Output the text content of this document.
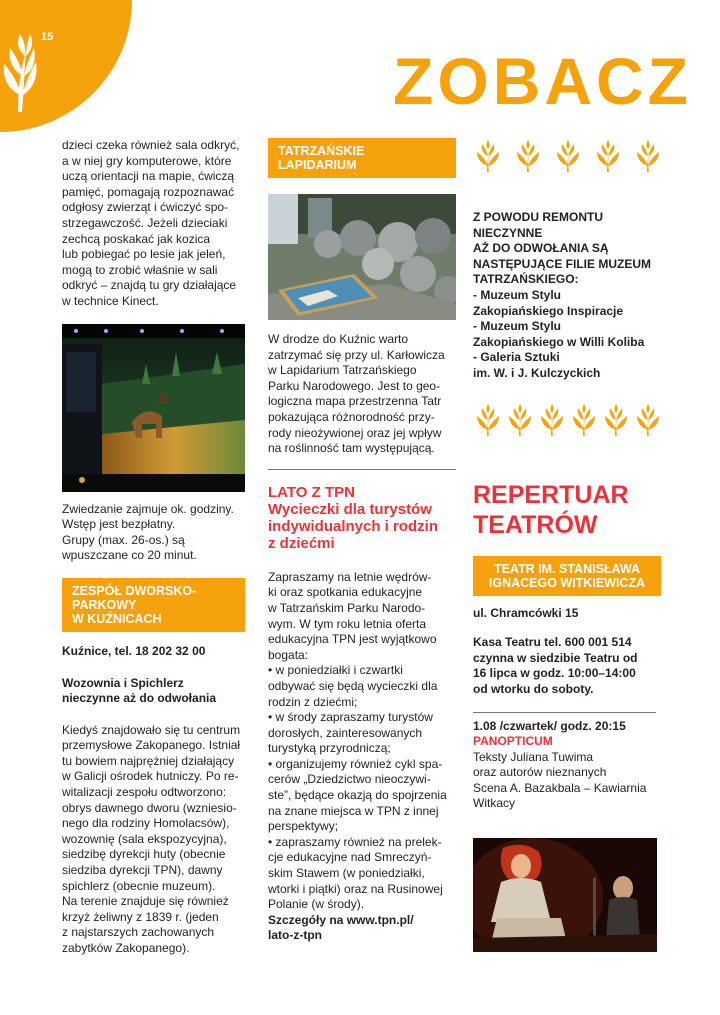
15
ZOBACZ
dzieci czeka również sala odkryć,
a w niej gry komputerowe, które
uczą orientacji na mapie, ćwiczą
pamięć, pomagają rozpoznawać
odgłosy zwierząt i ćwiczyć spo-
strzegawczość. Jeżeli dzieciaki
zechcą poskakać jak kozica
lub pobiegać po lesie jak jeleń,
mogą to zrobić właśnie w sali
odkryć – znajdą tu gry działające
w technice Kinect.
Zwiedzanie zajmuje ok. godziny.
Wstęp jest bezpłatny.
Grupy (max. 26-os.) są
wpuszczane co 20 minut.
ZESPÓŁ DWORSKO-
PARKOWY
W KUŹNICACH
Kuźnice, tel. 18 202 32 00
Wozownia i Spichlerz
nieczynne aż do odwołania
Kiedyś znajdowało się tu centrum
przemysłowe Zakopanego. Istniał
tu bowiem najprężniej działający
w Galicji ośrodek hutniczy. Po re-
witalizacji zespołu odtworzono:
obrys dawnego dworu (wzniesio-
nego dla rodziny Homolacsów),
wozownię (sala ekspozycyjna),
siedzibę dyrekcji huty (obecnie
siedziba dyrekcji TPN), dawny
spichlerz (obecnie muzeum).
Na terenie znajduje się również
krzyż żeliwny z 1839 r. (jeden
z najstarszych zachowanych
zabytków Zakopanego).
TATRZAŃSKIE
LAPIDARIUM
W drodze do Kuźnic warto
zatrzymać się przy ul. Karłowicza
w Lapidarium Tatrzańskiego
Parku Narodowego. Jest to geo-
logiczna mapa przestrzenna Tatr
pokazująca różnorodność przy-
rody nieożywionej oraz jej wpływ
na roślinność tam występującą.
LATO Z TPN
Wycieczki dla turystów
indywidualnych i rodzin
z dziećmi
Zapraszamy na letnie wędrów-
ki oraz spotkania edukacyjne
w Tatrzańskim Parku Narodo-
wym. W tym roku letnia oferta
edukacyjna TPN jest wyjątkowo
bogata:
• w poniedziałki i czwartki
odbywać się będą wycieczki dla
rodzin z dziećmi;
• w środy zapraszamy turystów
dorosłych, zainteresowanych
turystyką przyrodniczą;
• organizujemy również cykl spa-
cerów „Dziedzictwo nieoczywi-
ste”, będące okazją do spojrzenia
na znane miejsca w TPN z innej
perspektywy;
• zapraszamy również na prelek-
cje edukacyjne nad Smreczyń-
skim Stawem (w poniedziałki,
wtorki i piątki) oraz na Rusinowej
Polanie (w środy).
Szczegóły na www.tpn.pl/
lato-z-tpn
Z POWODU REMONTU
NIECZYNNE
AŻ DO ODWOŁANIA SĄ
NASTĘPUJĄCE FILIE MUZEUM
TATRZAŃSKIEGO:
- Muzeum Stylu
Zakopiańskiego Inspiracje
- Muzeum Stylu
Zakopiańskiego w Willi Koliba
- Galeria Sztuki
im. W. i J. Kulczyckich
REPERTUAR
TEATRÓW
TEATR IM. STANISŁAWA
IGNACEGO WITKIEWICZA
ul. Chramcówki 15
Kasa Teatru tel. 600 001 514
czynna w siedzibie Teatru od
16 lipca w godz. 10:00–14:00
od wtorku do soboty.
1.08 /czwartek/ godz. 20:15
PANOPTICUM
Teksty Juliana Tuwima
oraz autorów nieznanych
Scena A. Bazakbala – Kawiarnia
Witkacy
